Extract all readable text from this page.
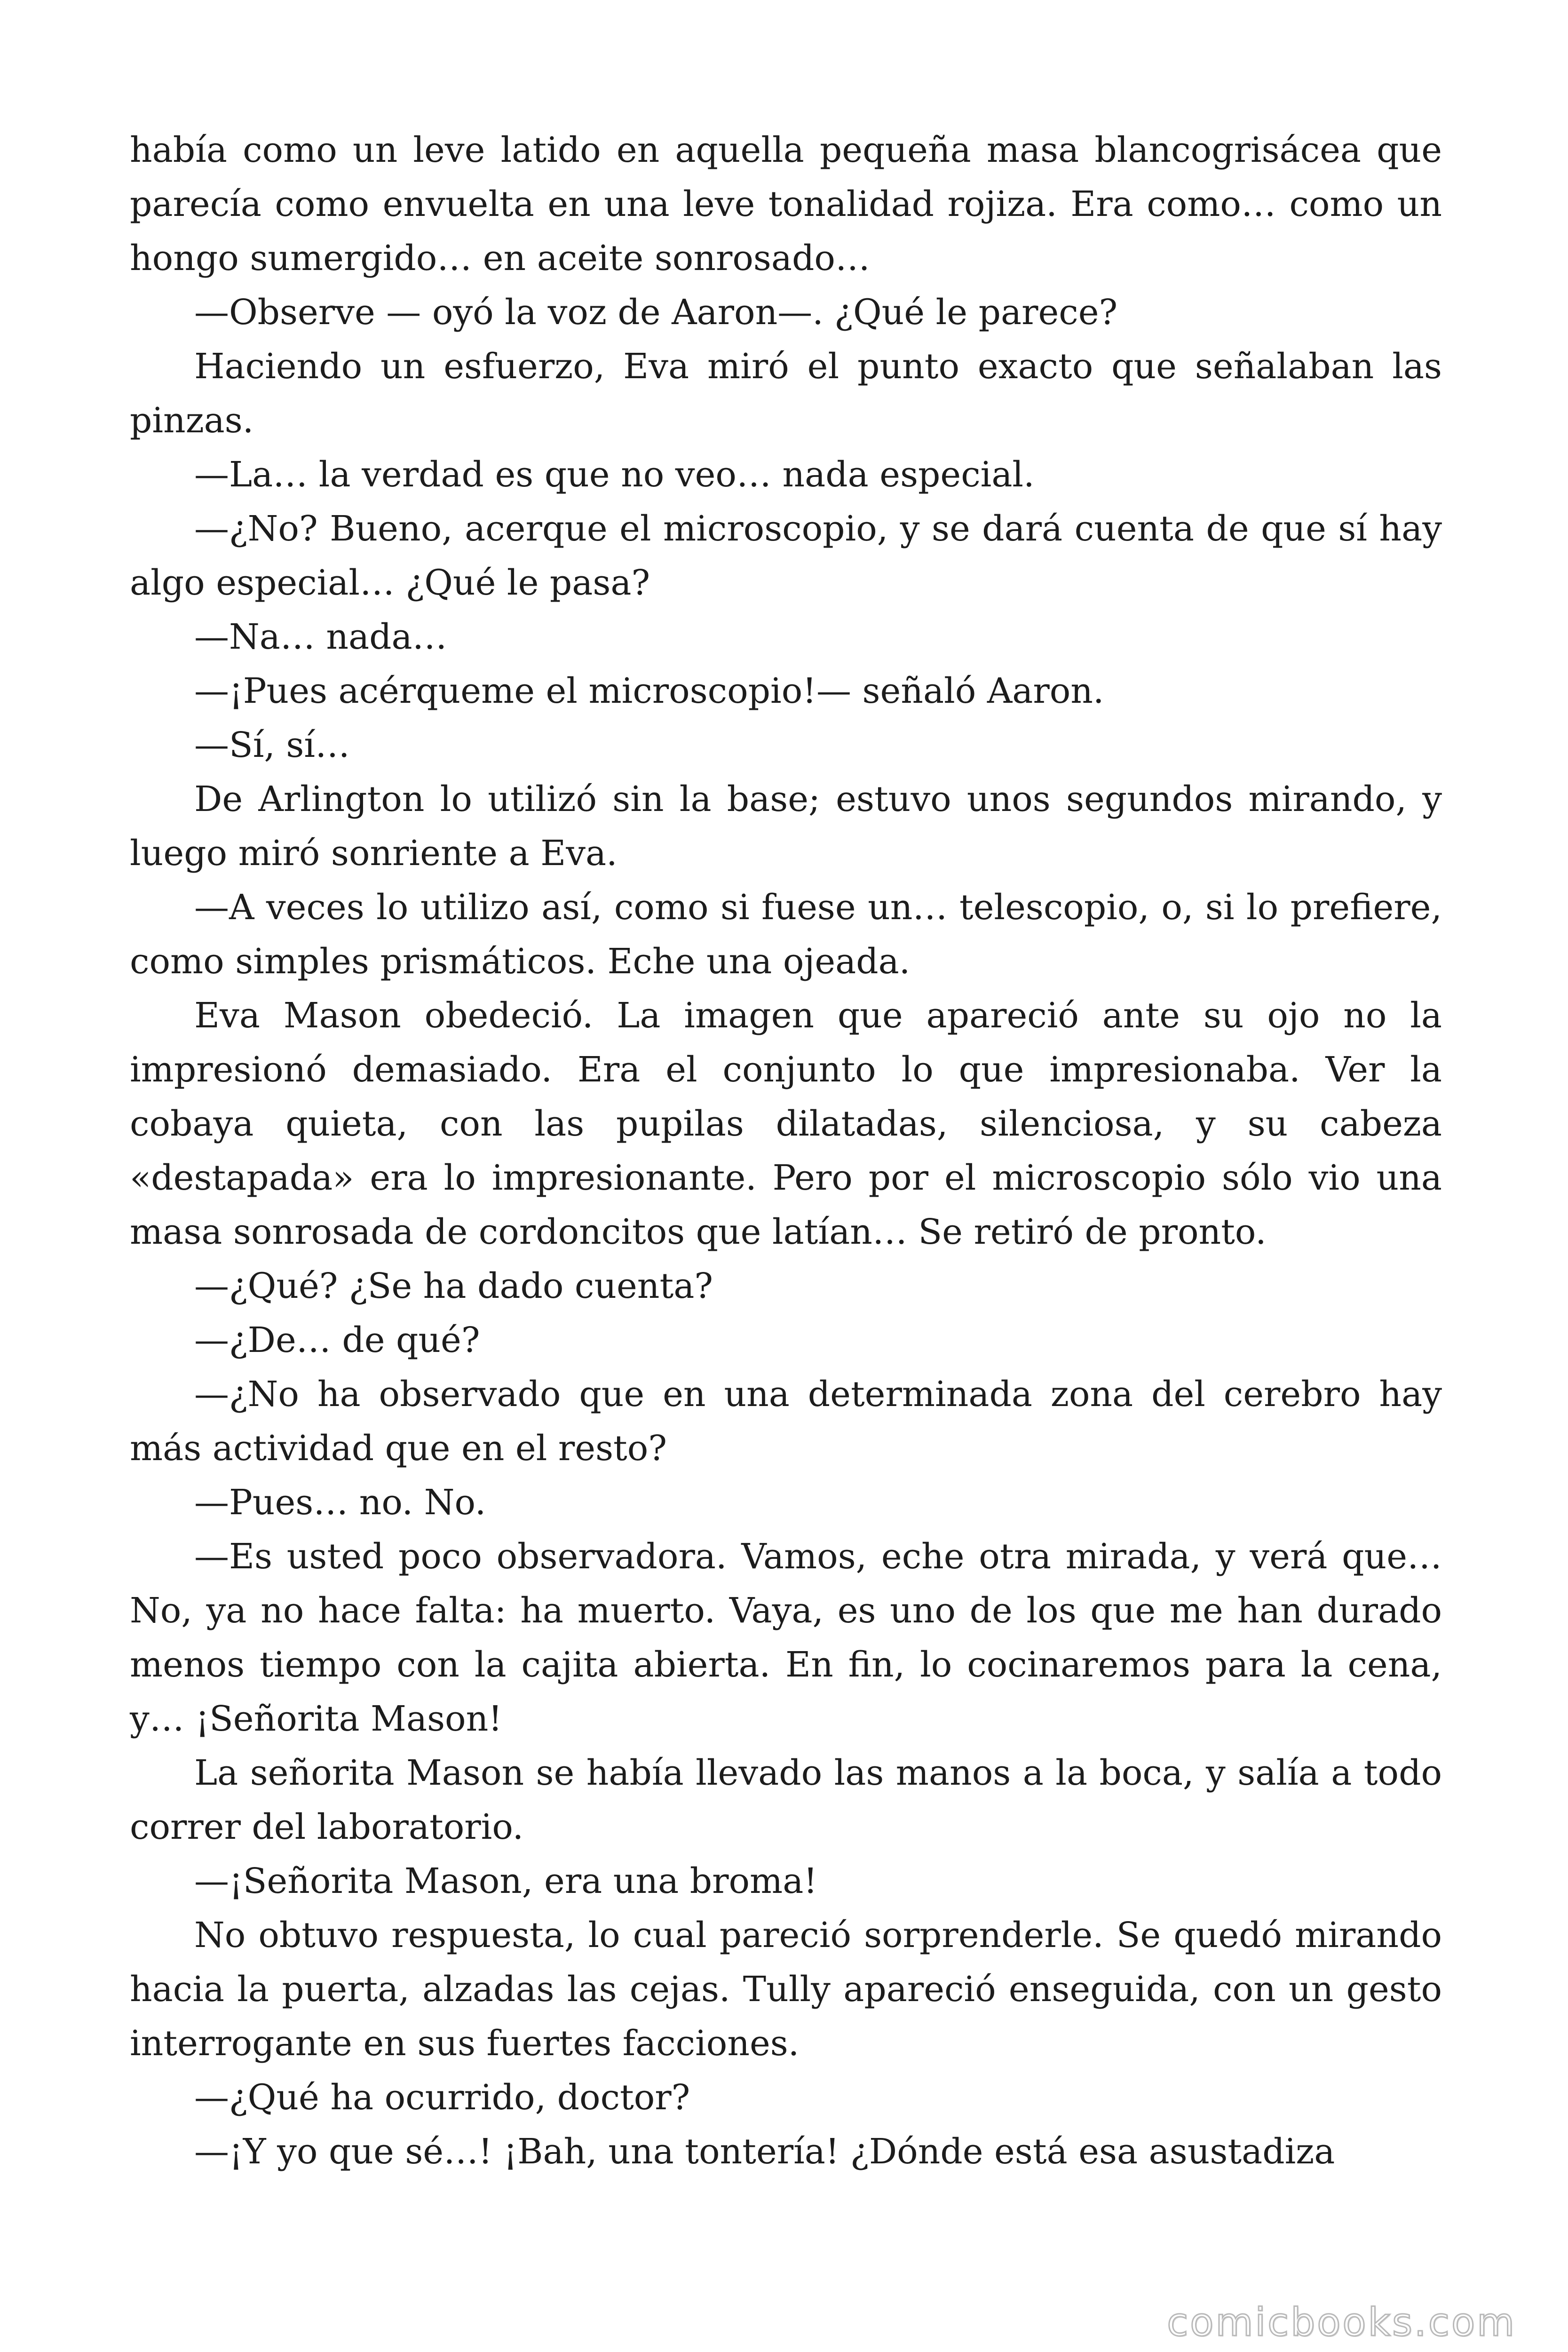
había como un leve latido en aquella pequeña masa blancogrisácea que parecía como envuelta en una leve tonalidad rojiza. Era como… como un hongo sumergido… en aceite sonrosado…

—Observe — oyó la voz de Aaron—. ¿Qué le parece?

Haciendo un esfuerzo, Eva miró el punto exacto que señalaban las pinzas.

—La… la verdad es que no veo… nada especial.

—¿No? Bueno, acerque el microscopio, y se dará cuenta de que sí hay algo especial… ¿Qué le pasa?

—Na… nada…

—¡Pues acérqueme el microscopio!— señaló Aaron.

—Sí, sí…

De Arlington lo utilizó sin la base; estuvo unos segundos mirando, y luego miró sonriente a Eva.

—A veces lo utilizo así, como si fuese un… telescopio, o, si lo prefiere, como simples prismáticos. Eche una ojeada.

Eva Mason obedeció. La imagen que apareció ante su ojo no la impresionó demasiado. Era el conjunto lo que impresionaba. Ver la cobaya quieta, con las pupilas dilatadas, silenciosa, y su cabeza «destapada» era lo impresionante. Pero por el microscopio sólo vio una masa sonrosada de cordoncitos que latían… Se retiró de pronto.

—¿Qué? ¿Se ha dado cuenta?

—¿De… de qué?

—¿No ha observado que en una determinada zona del cerebro hay más actividad que en el resto?

—Pues… no. No.

—Es usted poco observadora. Vamos, eche otra mirada, y verá que… No, ya no hace falta: ha muerto. Vaya, es uno de los que me han durado menos tiempo con la cajita abierta. En fin, lo cocinaremos para la cena, y… ¡Señorita Mason!

La señorita Mason se había llevado las manos a la boca, y salía a todo correr del laboratorio.

—¡Señorita Mason, era una broma!

No obtuvo respuesta, lo cual pareció sorprenderle. Se quedó mirando hacia la puerta, alzadas las cejas. Tully apareció enseguida, con un gesto interrogante en sus fuertes facciones.

—¿Qué ha ocurrido, doctor?

—¡Y yo que sé…! ¡Bah, una tontería! ¿Dónde está esa asustadiza

comicbooks.com
